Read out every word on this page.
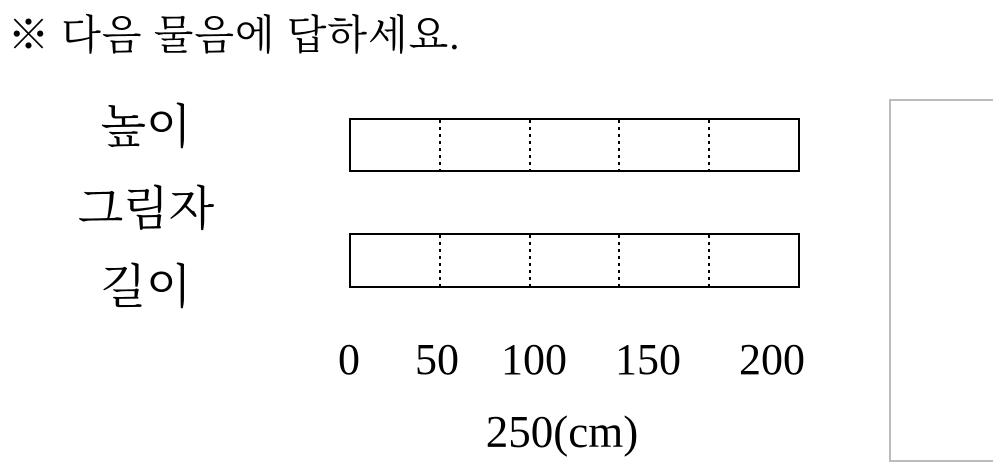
※ 다음 물음에 답하세요.
높이
그림자
길이
0 50 100 150 200
250(cm)
